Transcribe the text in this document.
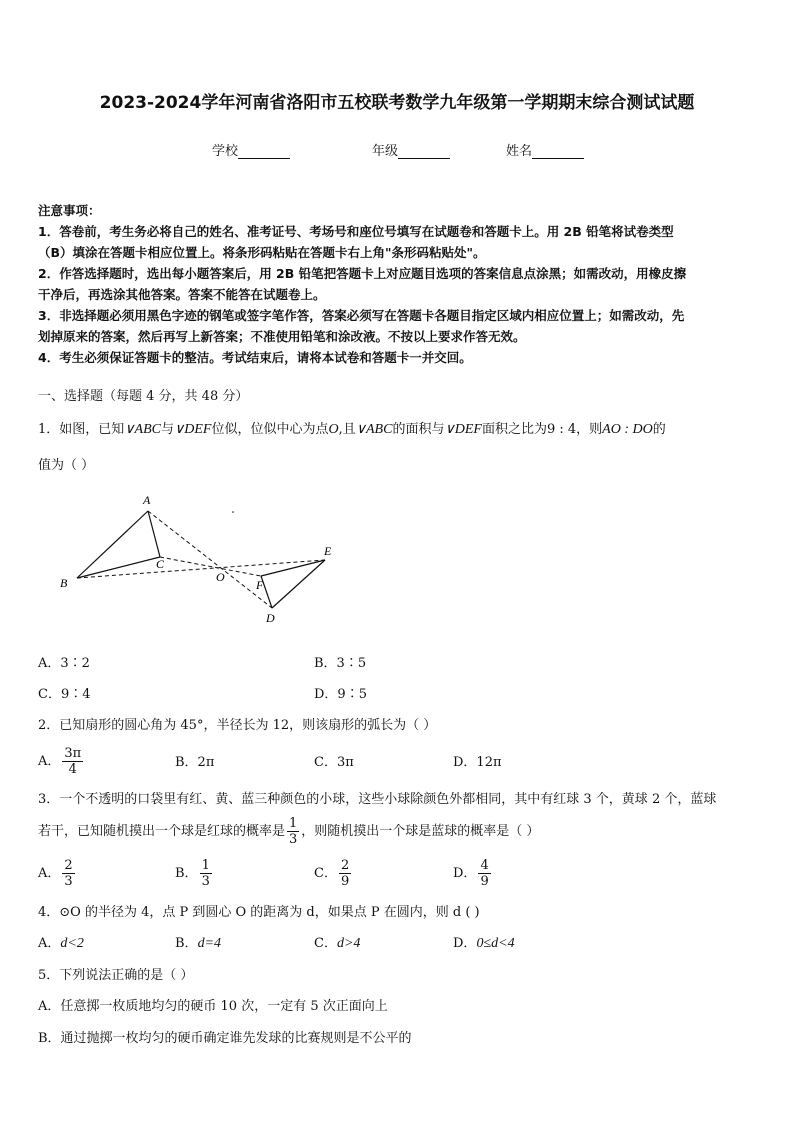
2023-2024学年河南省洛阳市五校联考数学九年级第一学期期末综合测试试题
学校	年级	姓名
注意事项：
1．答卷前，考生务必将自己的姓名、准考证号、考场号和座位号填写在试题卷和答题卡上。用 2B 铅笔将试卷类型
（B）填涂在答题卡相应位置上。将条形码粘贴在答题卡右上角"条形码粘贴处"。
2．作答选择题时，选出每小题答案后，用 2B 铅笔把答题卡上对应题目选项的答案信息点涂黑；如需改动，用橡皮擦
干净后，再选涂其他答案。答案不能答在试题卷上。
3．非选择题必须用黑色字迹的钢笔或签字笔作答，答案必须写在答题卡各题目指定区域内相应位置上；如需改动，先
划掉原来的答案，然后再写上新答案；不准使用铅笔和涂改液。不按以上要求作答无效。
4．考生必须保证答题卡的整洁。考试结束后，请将本试卷和答题卡一并交回。
一、选择题（每题 4 分，共 48 分）
1．如图，已知∨ABC与∨DEF位似，位似中心为点O,且∨ABC的面积与∨DEF面积之比为9 : 4，则AO : DO的
值为（ ）
A
B
C
O
E
F
D
A．3∶2	B．3∶5
C．9∶4	D．9∶5
2．已知扇形的圆心角为 45°，半径长为 12，则该扇形的弧长为（ ）
A． $\frac{3\pi}{4}$	B．2π	C．3π	D．12π
3．一个不透明的口袋里有红、黄、蓝三种颜色的小球，这些小球除颜色外都相同，其中有红球 3 个，黄球 2 个，蓝球
若干，已知随机摸出一个球是红球的概率是 $\frac{1}{3}$ ，则随机摸出一个球是蓝球的概率是（ ）
A． $\frac{2}{3}$	B． $\frac{1}{3}$	C． $\frac{2}{9}$	D． $\frac{4}{9}$
4．⊙O 的半径为 4，点 P 到圆心 O 的距离为 d，如果点 P 在圆内，则 d ( )
A．d<2	B．d=4	C．d>4	D．0≤d<4
5．下列说法正确的是（ ）
A．任意掷一枚质地均匀的硬币 10 次，一定有 5 次正面向上
B．通过抛掷一枚均匀的硬币确定谁先发球的比赛规则是不公平的
